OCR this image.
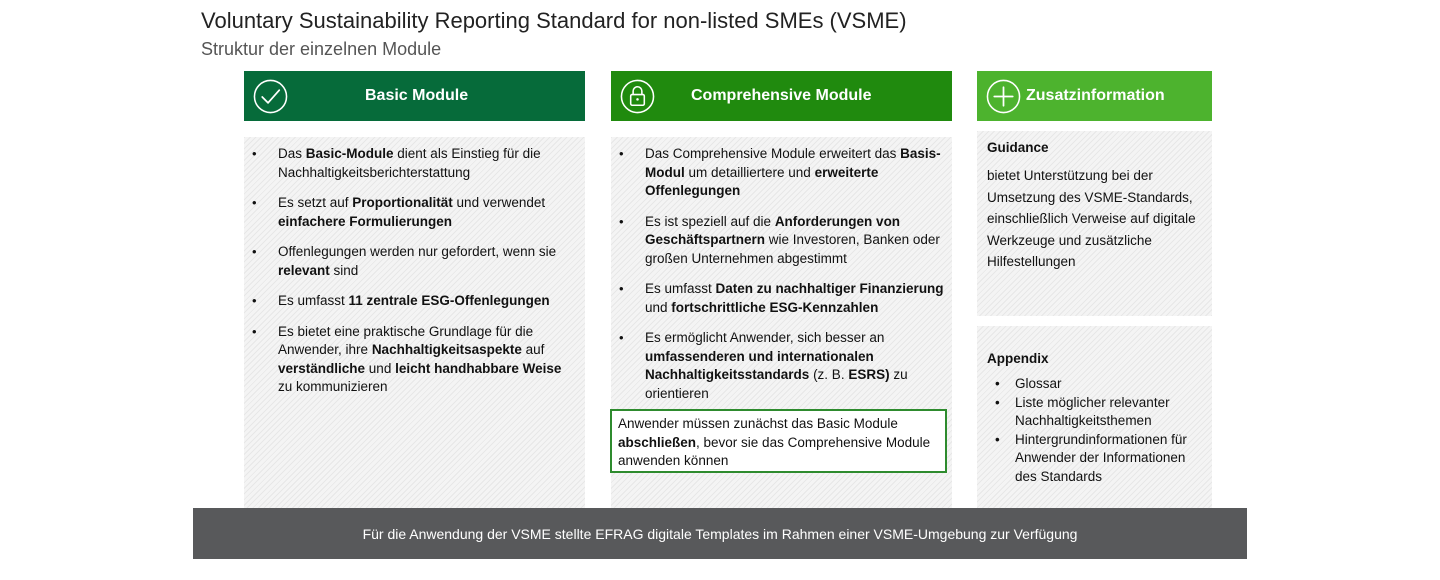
Voluntary Sustainability Reporting Standard for non-listed SMEs (VSME)
Struktur der einzelnen Module
Basic Module	Comprehensive Module	Zusatzinformation
• Das Basic-Module dient als Einstieg für die Nachhaltigkeitsberichterstattung
• Es setzt auf Proportionalität und verwendet einfachere Formulierungen
• Offenlegungen werden nur gefordert, wenn sie relevant sind
• Es umfasst 11 zentrale ESG-Offenlegungen
• Es bietet eine praktische Grundlage für die Anwender, ihre Nachhaltigkeitsaspekte auf verständliche und leicht handhabbare Weise zu kommunizieren
• Das Comprehensive Module erweitert das Basis-Modul um detailliertere und erweiterte Offenlegungen
• Es ist speziell auf die Anforderungen von Geschäftspartnern wie Investoren, Banken oder großen Unternehmen abgestimmt
• Es umfasst Daten zu nachhaltiger Finanzierung und fortschrittliche ESG-Kennzahlen
• Es ermöglicht Anwender, sich besser an umfassenderen und internationalen Nachhaltigkeitsstandards (z. B. ESRS) zu orientieren
Anwender müssen zunächst das Basic Module abschließen, bevor sie das Comprehensive Module anwenden können
Guidance
bietet Unterstützung bei der Umsetzung des VSME-Standards, einschließlich Verweise auf digitale Werkzeuge und zusätzliche Hilfestellungen
Appendix
• Glossar
• Liste möglicher relevanter Nachhaltigkeitsthemen
• Hintergrundinformationen für Anwender der Informationen des Standards
Für die Anwendung der VSME stellte EFRAG digitale Templates im Rahmen einer VSME-Umgebung zur Verfügung
